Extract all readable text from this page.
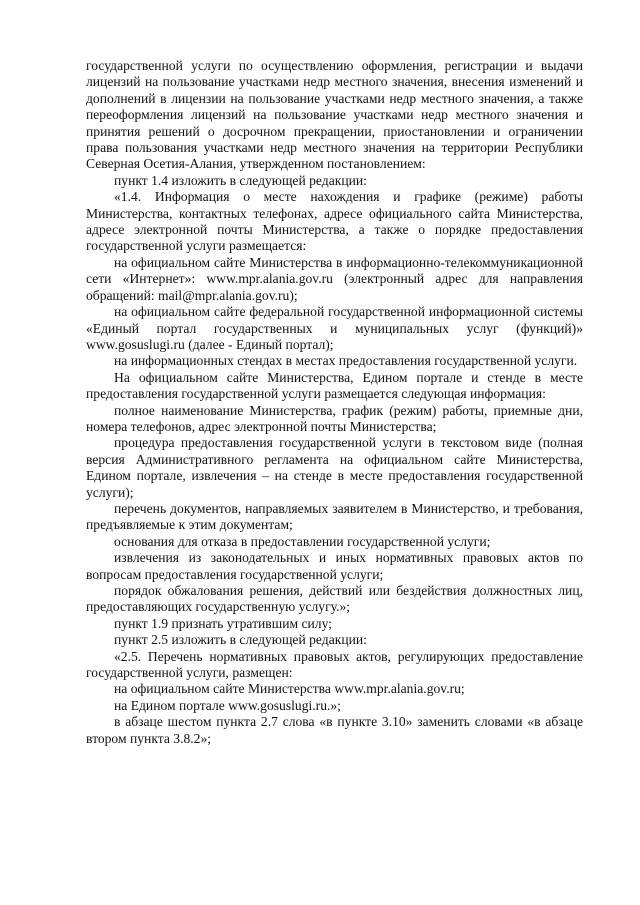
государственной услуги по осуществлению оформления, регистрации и выдачи лицензий на пользование участками недр местного значения, внесения изменений и дополнений в лицензии на пользование участками недр местного значения, а также переоформления лицензий на пользование участками недр местного значения и принятия решений о досрочном прекращении, приостановлении и ограничении права пользования участками недр местного значения на территории Республики Северная Осетия-Алания, утвержденном постановлением:

пункт 1.4 изложить в следующей редакции:

«1.4. Информация о месте нахождения и графике (режиме) работы Министерства, контактных телефонах, адресе официального сайта Министерства, адресе электронной почты Министерства, а также о порядке предоставления государственной услуги размещается:

на официальном сайте Министерства в информационно-телекоммуникационной сети «Интернет»: www.mpr.alania.gov.ru (электронный адрес для направления обращений: mail@mpr.alania.gov.ru);

на официальном сайте федеральной государственной информационной системы «Единый портал государственных и муниципальных услуг (функций)» www.gosuslugi.ru (далее - Единый портал);

на информационных стендах в местах предоставления государственной услуги.

На официальном сайте Министерства, Едином портале и стенде в месте предоставления государственной услуги размещается следующая информация:

полное наименование Министерства, график (режим) работы, приемные дни, номера телефонов, адрес электронной почты Министерства;

процедура предоставления государственной услуги в текстовом виде (полная версия Административного регламента на официальном сайте Министерства, Едином портале, извлечения – на стенде в месте предоставления государственной услуги);

перечень документов, направляемых заявителем в Министерство, и требования, предъявляемые к этим документам;

основания для отказа в предоставлении государственной услуги;

извлечения из законодательных и иных нормативных правовых актов по вопросам предоставления государственной услуги;

порядок обжалования решения, действий или бездействия должностных лиц, предоставляющих государственную услугу.»;

пункт 1.9 признать утратившим силу;

пункт 2.5 изложить в следующей редакции:

«2.5. Перечень нормативных правовых актов, регулирующих предоставление государственной услуги, размещен:

на официальном сайте Министерства www.mpr.alania.gov.ru;

на Едином портале www.gosuslugi.ru.»;

в абзаце шестом пункта 2.7 слова «в пункте 3.10» заменить словами «в абзаце втором пункта 3.8.2»;
